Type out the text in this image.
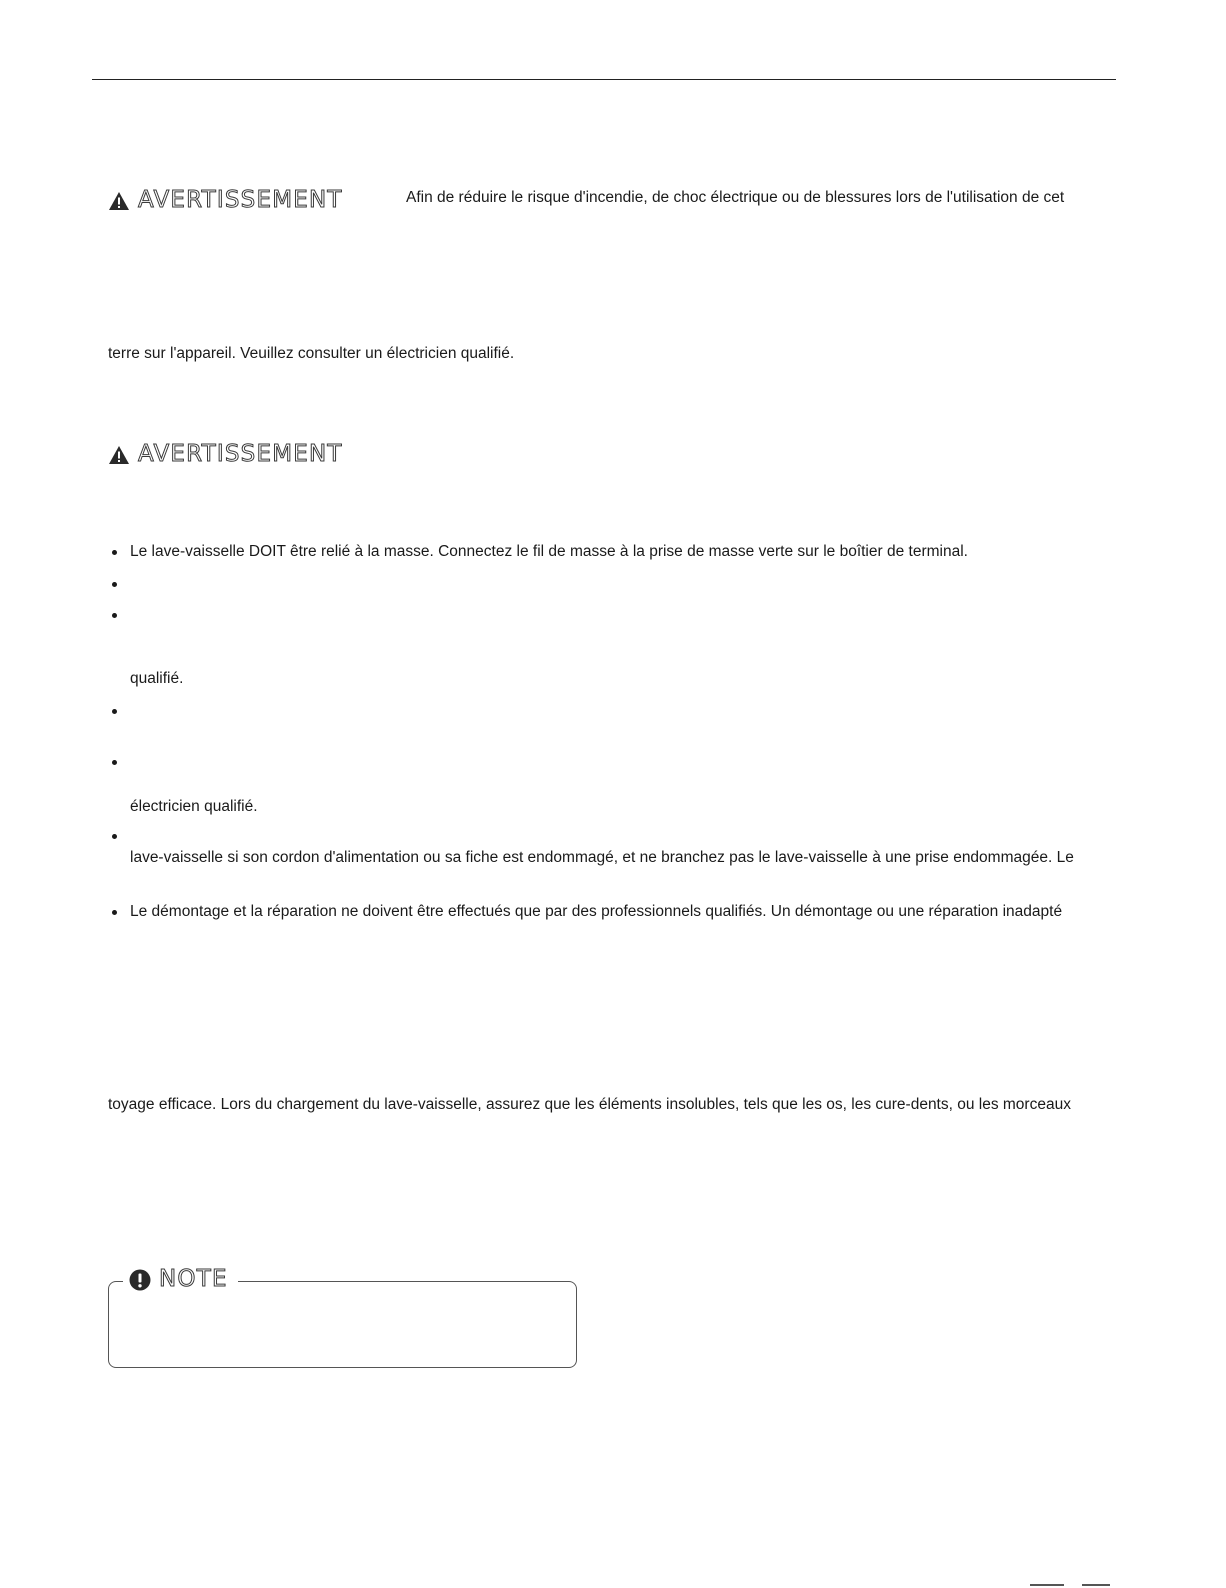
AVERTISSEMENT	Afin de réduire le risque d'incendie, de choc électrique ou de blessures lors de l'utilisation de cet
terre sur l'appareil. Veuillez consulter un électricien qualifié.
AVERTISSEMENT
Le lave-vaisselle DOIT être relié à la masse. Connectez le fil de masse à la prise de masse verte sur le boîtier de terminal.
qualifié.
électricien qualifié.
lave-vaisselle si son cordon d'alimentation ou sa fiche est endommagé, et ne branchez pas le lave-vaisselle à une prise endommagée. Le
Le démontage et la réparation ne doivent être effectués que par des professionnels qualifiés. Un démontage ou une réparation inadapté
toyage efficace. Lors du chargement du lave-vaisselle, assurez que les éléments insolubles, tels que les os, les cure-dents, ou les morceaux
NOTE
